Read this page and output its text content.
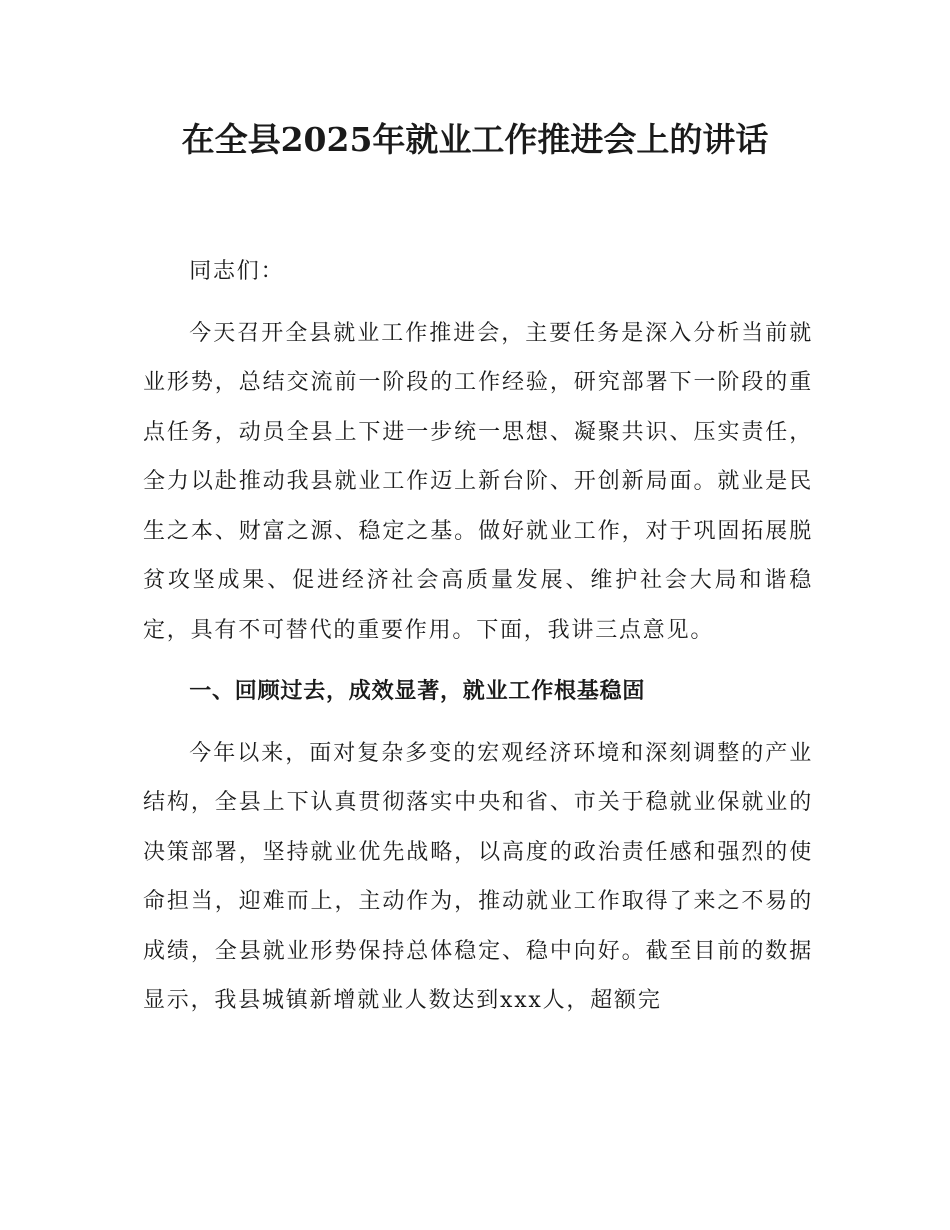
在全县2025年就业工作推进会上的讲话

同志们：

今天召开全县就业工作推进会，主要任务是深入分析当前就业形势，总结交流前一阶段的工作经验，研究部署下一阶段的重点任务，动员全县上下进一步统一思想、凝聚共识、压实责任，全力以赴推动我县就业工作迈上新台阶、开创新局面。就业是民生之本、财富之源、稳定之基。做好就业工作，对于巩固拓展脱贫攻坚成果、促进经济社会高质量发展、维护社会大局和谐稳定，具有不可替代的重要作用。下面，我讲三点意见。

一、回顾过去，成效显著，就业工作根基稳固

今年以来，面对复杂多变的宏观经济环境和深刻调整的产业结构，全县上下认真贯彻落实中央和省、市关于稳就业保就业的决策部署，坚持就业优先战略，以高度的政治责任感和强烈的使命担当，迎难而上，主动作为，推动就业工作取得了来之不易的成绩，全县就业形势保持总体稳定、稳中向好。截至目前的数据显示，我县城镇新增就业人数达到xxx人，超额完
